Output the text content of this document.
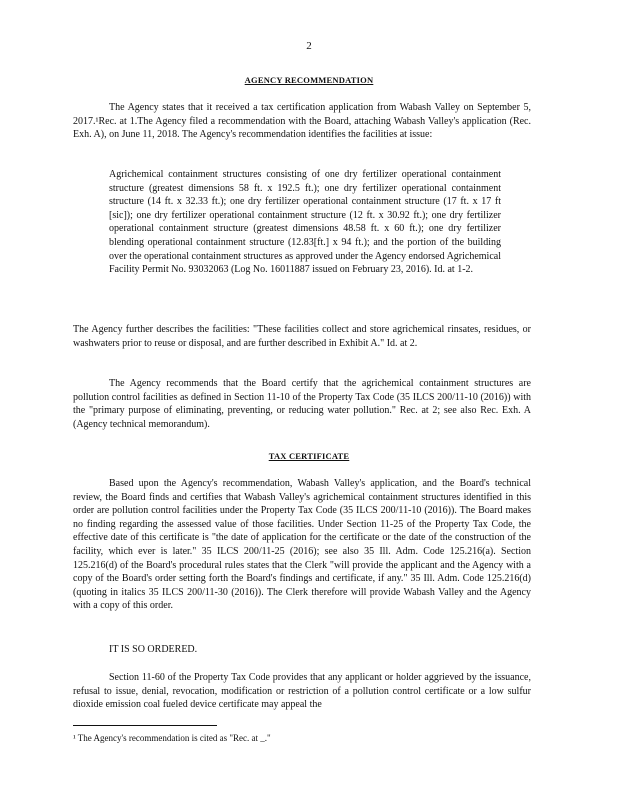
2
AGENCY RECOMMENDATION
The Agency states that it received a tax certification application from Wabash Valley on September 5, 2017.¹Rec. at 1.The Agency filed a recommendation with the Board, attaching Wabash Valley's application (Rec. Exh. A), on June 11, 2018. The Agency's recommendation identifies the facilities at issue:
Agrichemical containment structures consisting of one dry fertilizer operational containment structure (greatest dimensions 58 ft. x 192.5 ft.); one dry fertilizer operational containment structure (14 ft. x 32.33 ft.); one dry fertilizer operational containment structure (17 ft. x 17 ft [sic]); one dry fertilizer operational containment structure (12 ft. x 30.92 ft.); one dry fertilizer operational containment structure (greatest dimensions 48.58 ft. x 60 ft.); one dry fertilizer blending operational containment structure (12.83[ft.] x 94 ft.); and the portion of the building over the operational containment structures as approved under the Agency endorsed Agrichemical Facility Permit No. 93032063 (Log No. 16011887 issued on February 23, 2016). Id. at 1-2.
The Agency further describes the facilities: "These facilities collect and store agrichemical rinsates, residues, or washwaters prior to reuse or disposal, and are further described in Exhibit A." Id. at 2.
The Agency recommends that the Board certify that the agrichemical containment structures are pollution control facilities as defined in Section 11-10 of the Property Tax Code (35 ILCS 200/11-10 (2016)) with the "primary purpose of eliminating, preventing, or reducing water pollution." Rec. at 2; see also Rec. Exh. A (Agency technical memorandum).
TAX CERTIFICATE
Based upon the Agency's recommendation, Wabash Valley's application, and the Board's technical review, the Board finds and certifies that Wabash Valley's agrichemical containment structures identified in this order are pollution control facilities under the Property Tax Code (35 ILCS 200/11-10 (2016)). The Board makes no finding regarding the assessed value of those facilities. Under Section 11-25 of the Property Tax Code, the effective date of this certificate is "the date of application for the certificate or the date of the construction of the facility, which ever is later." 35 ILCS 200/11-25 (2016); see also 35 Ill. Adm. Code 125.216(a). Section 125.216(d) of the Board's procedural rules states that the Clerk "will provide the applicant and the Agency with a copy of the Board's order setting forth the Board's findings and certificate, if any." 35 Ill. Adm. Code 125.216(d) (quoting in italics 35 ILCS 200/11-30 (2016)). The Clerk therefore will provide Wabash Valley and the Agency with a copy of this order.
IT IS SO ORDERED.
Section 11-60 of the Property Tax Code provides that any applicant or holder aggrieved by the issuance, refusal to issue, denial, revocation, modification or restriction of a pollution control certificate or a low sulfur dioxide emission coal fueled device certificate may appeal the
¹ The Agency's recommendation is cited as "Rec. at _."
